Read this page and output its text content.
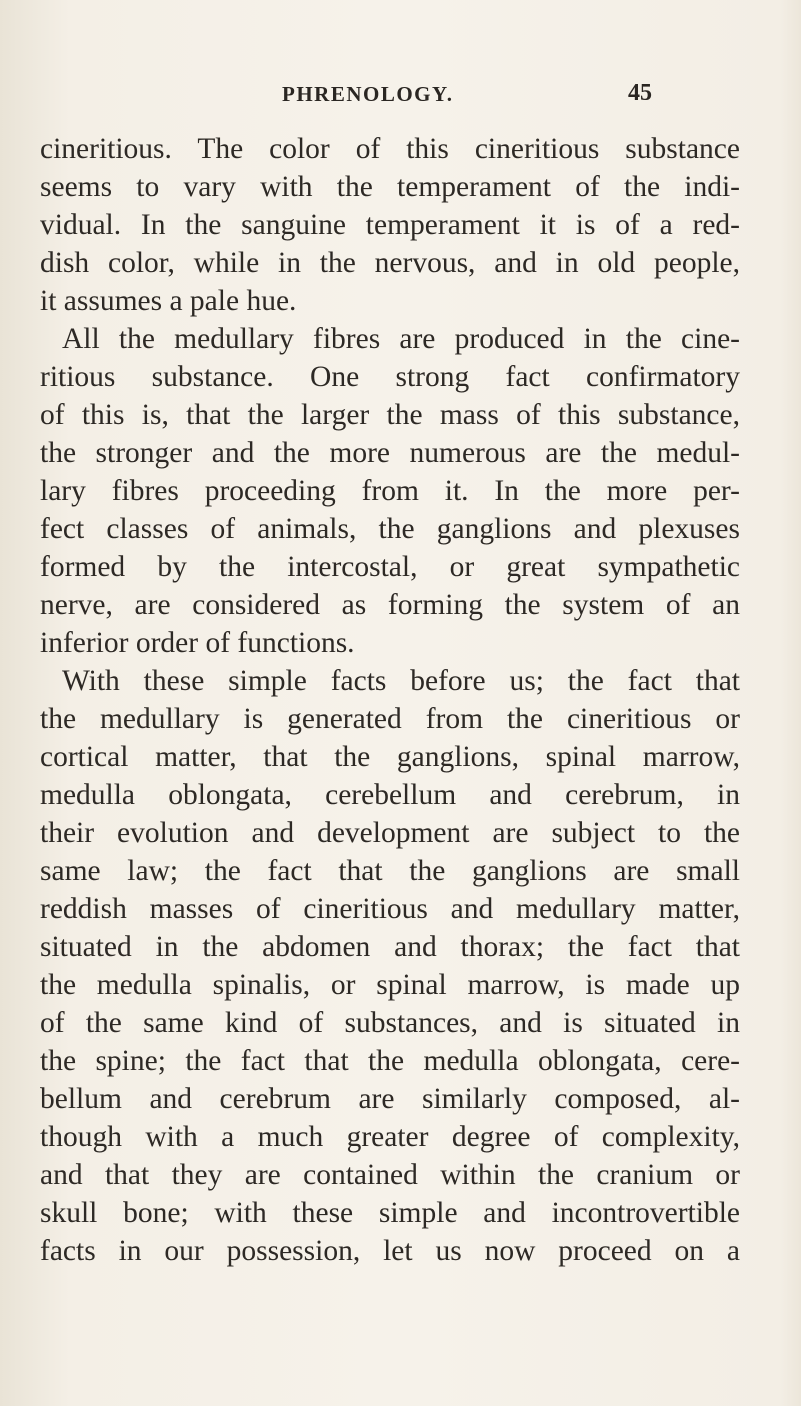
PHRENOLOGY.	45
cineritious. The color of this cineritious substance
seems to vary with the temperament of the indi-
vidual. In the sanguine temperament it is of a red-
dish color, while in the nervous, and in old people,
it assumes a pale hue.
All the medullary fibres are produced in the cine-
ritious substance. One strong fact confirmatory
of this is, that the larger the mass of this substance,
the stronger and the more numerous are the medul-
lary fibres proceeding from it. In the more per-
fect classes of animals, the ganglions and plexuses
formed by the intercostal, or great sympathetic
nerve, are considered as forming the system of an
inferior order of functions.
With these simple facts before us; the fact that
the medullary is generated from the cineritious or
cortical matter, that the ganglions, spinal marrow,
medulla oblongata, cerebellum and cerebrum, in
their evolution and development are subject to the
same law; the fact that the ganglions are small
reddish masses of cineritious and medullary matter,
situated in the abdomen and thorax; the fact that
the medulla spinalis, or spinal marrow, is made up
of the same kind of substances, and is situated in
the spine; the fact that the medulla oblongata, cere-
bellum and cerebrum are similarly composed, al-
though with a much greater degree of complexity,
and that they are contained within the cranium or
skull bone; with these simple and incontrovertible
facts in our possession, let us now proceed on a
